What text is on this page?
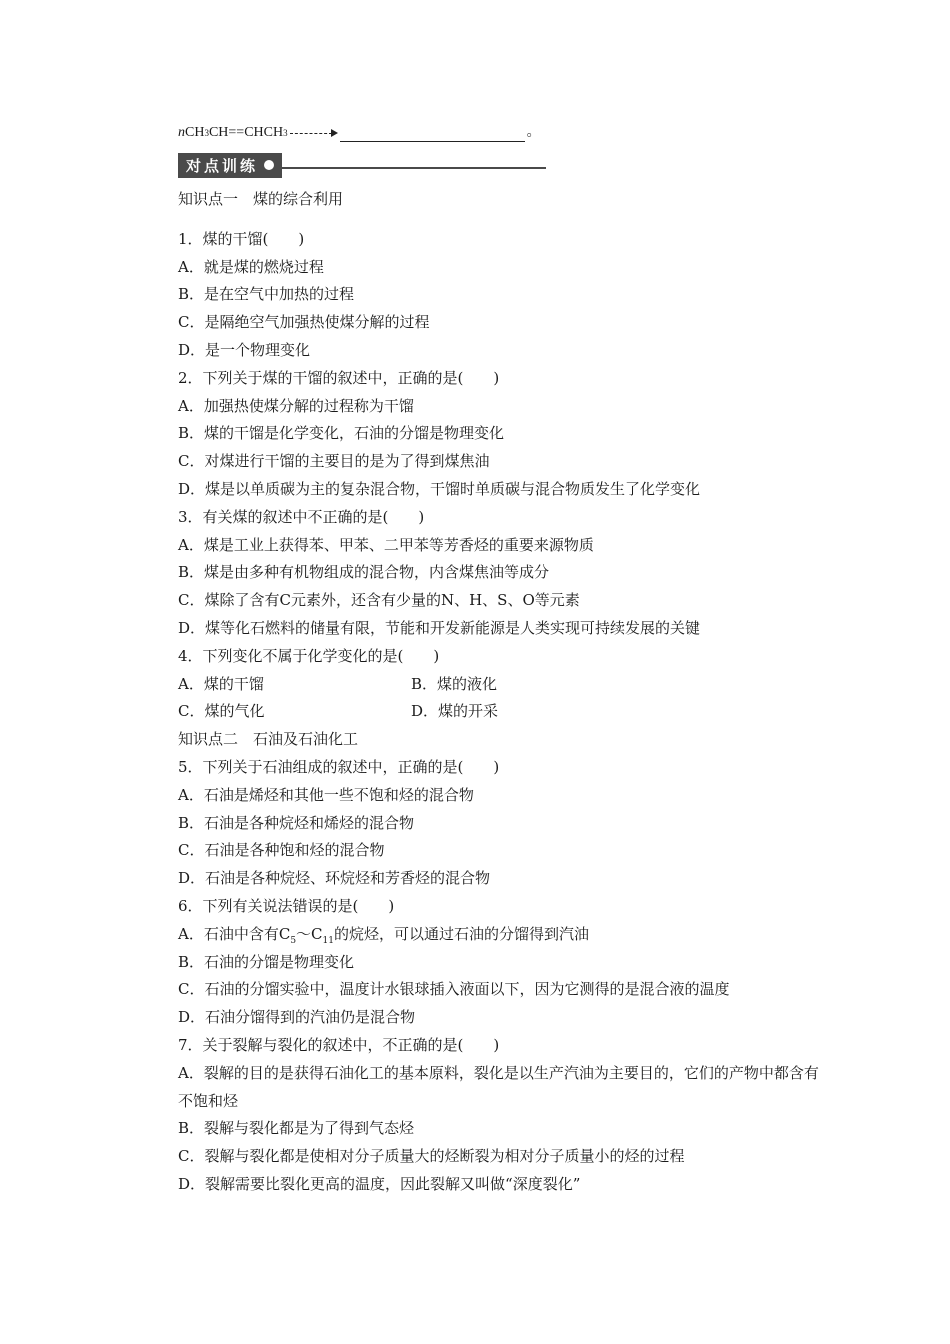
n CH 3 CH==CHCH 3	。
对点训练
知识点一　煤的综合利用
1．煤的干馏(　　)
A．就是煤的燃烧过程
B．是在空气中加热的过程
C．是隔绝空气加强热使煤分解的过程
D．是一个物理变化
2．下列关于煤的干馏的叙述中，正确的是(　　)
A．加强热使煤分解的过程称为干馏
B．煤的干馏是化学变化，石油的分馏是物理变化
C．对煤进行干馏的主要目的是为了得到煤焦油
D．煤是以单质碳为主的复杂混合物，干馏时单质碳与混合物质发生了化学变化
3．有关煤的叙述中不正确的是(　　)
A．煤是工业上获得苯、甲苯、二甲苯等芳香烃的重要来源物质
B．煤是由多种有机物组成的混合物，内含煤焦油等成分
C．煤除了含有C元素外，还含有少量的N、H、S、O等元素
D．煤等化石燃料的储量有限，节能和开发新能源是人类实现可持续发展的关键
4．下列变化不属于化学变化的是(　　)
A．煤的干馏	B．煤的液化
C．煤的气化	D．煤的开采
知识点二　石油及石油化工
5．下列关于石油组成的叙述中，正确的是(　　)
A．石油是烯烃和其他一些不饱和烃的混合物
B．石油是各种烷烃和烯烃的混合物
C．石油是各种饱和烃的混合物
D．石油是各种烷烃、环烷烃和芳香烃的混合物
6．下列有关说法错误的是(　　)
A．石油中含有$C_5\sim C_{11}$的烷烃，可以通过石油的分馏得到汽油
B．石油的分馏是物理变化
C．石油的分馏实验中，温度计水银球插入液面以下，因为它测得的是混合液的温度
D．石油分馏得到的汽油仍是混合物
7．关于裂解与裂化的叙述中，不正确的是(　　)
A．裂解的目的是获得石油化工的基本原料，裂化是以生产汽油为主要目的，它们的产物中都含有不饱和烃
B．裂解与裂化都是为了得到气态烃
C．裂解与裂化都是使相对分子质量大的烃断裂为相对分子质量小的烃的过程
D．裂解需要比裂化更高的温度，因此裂解又叫做“深度裂化”
